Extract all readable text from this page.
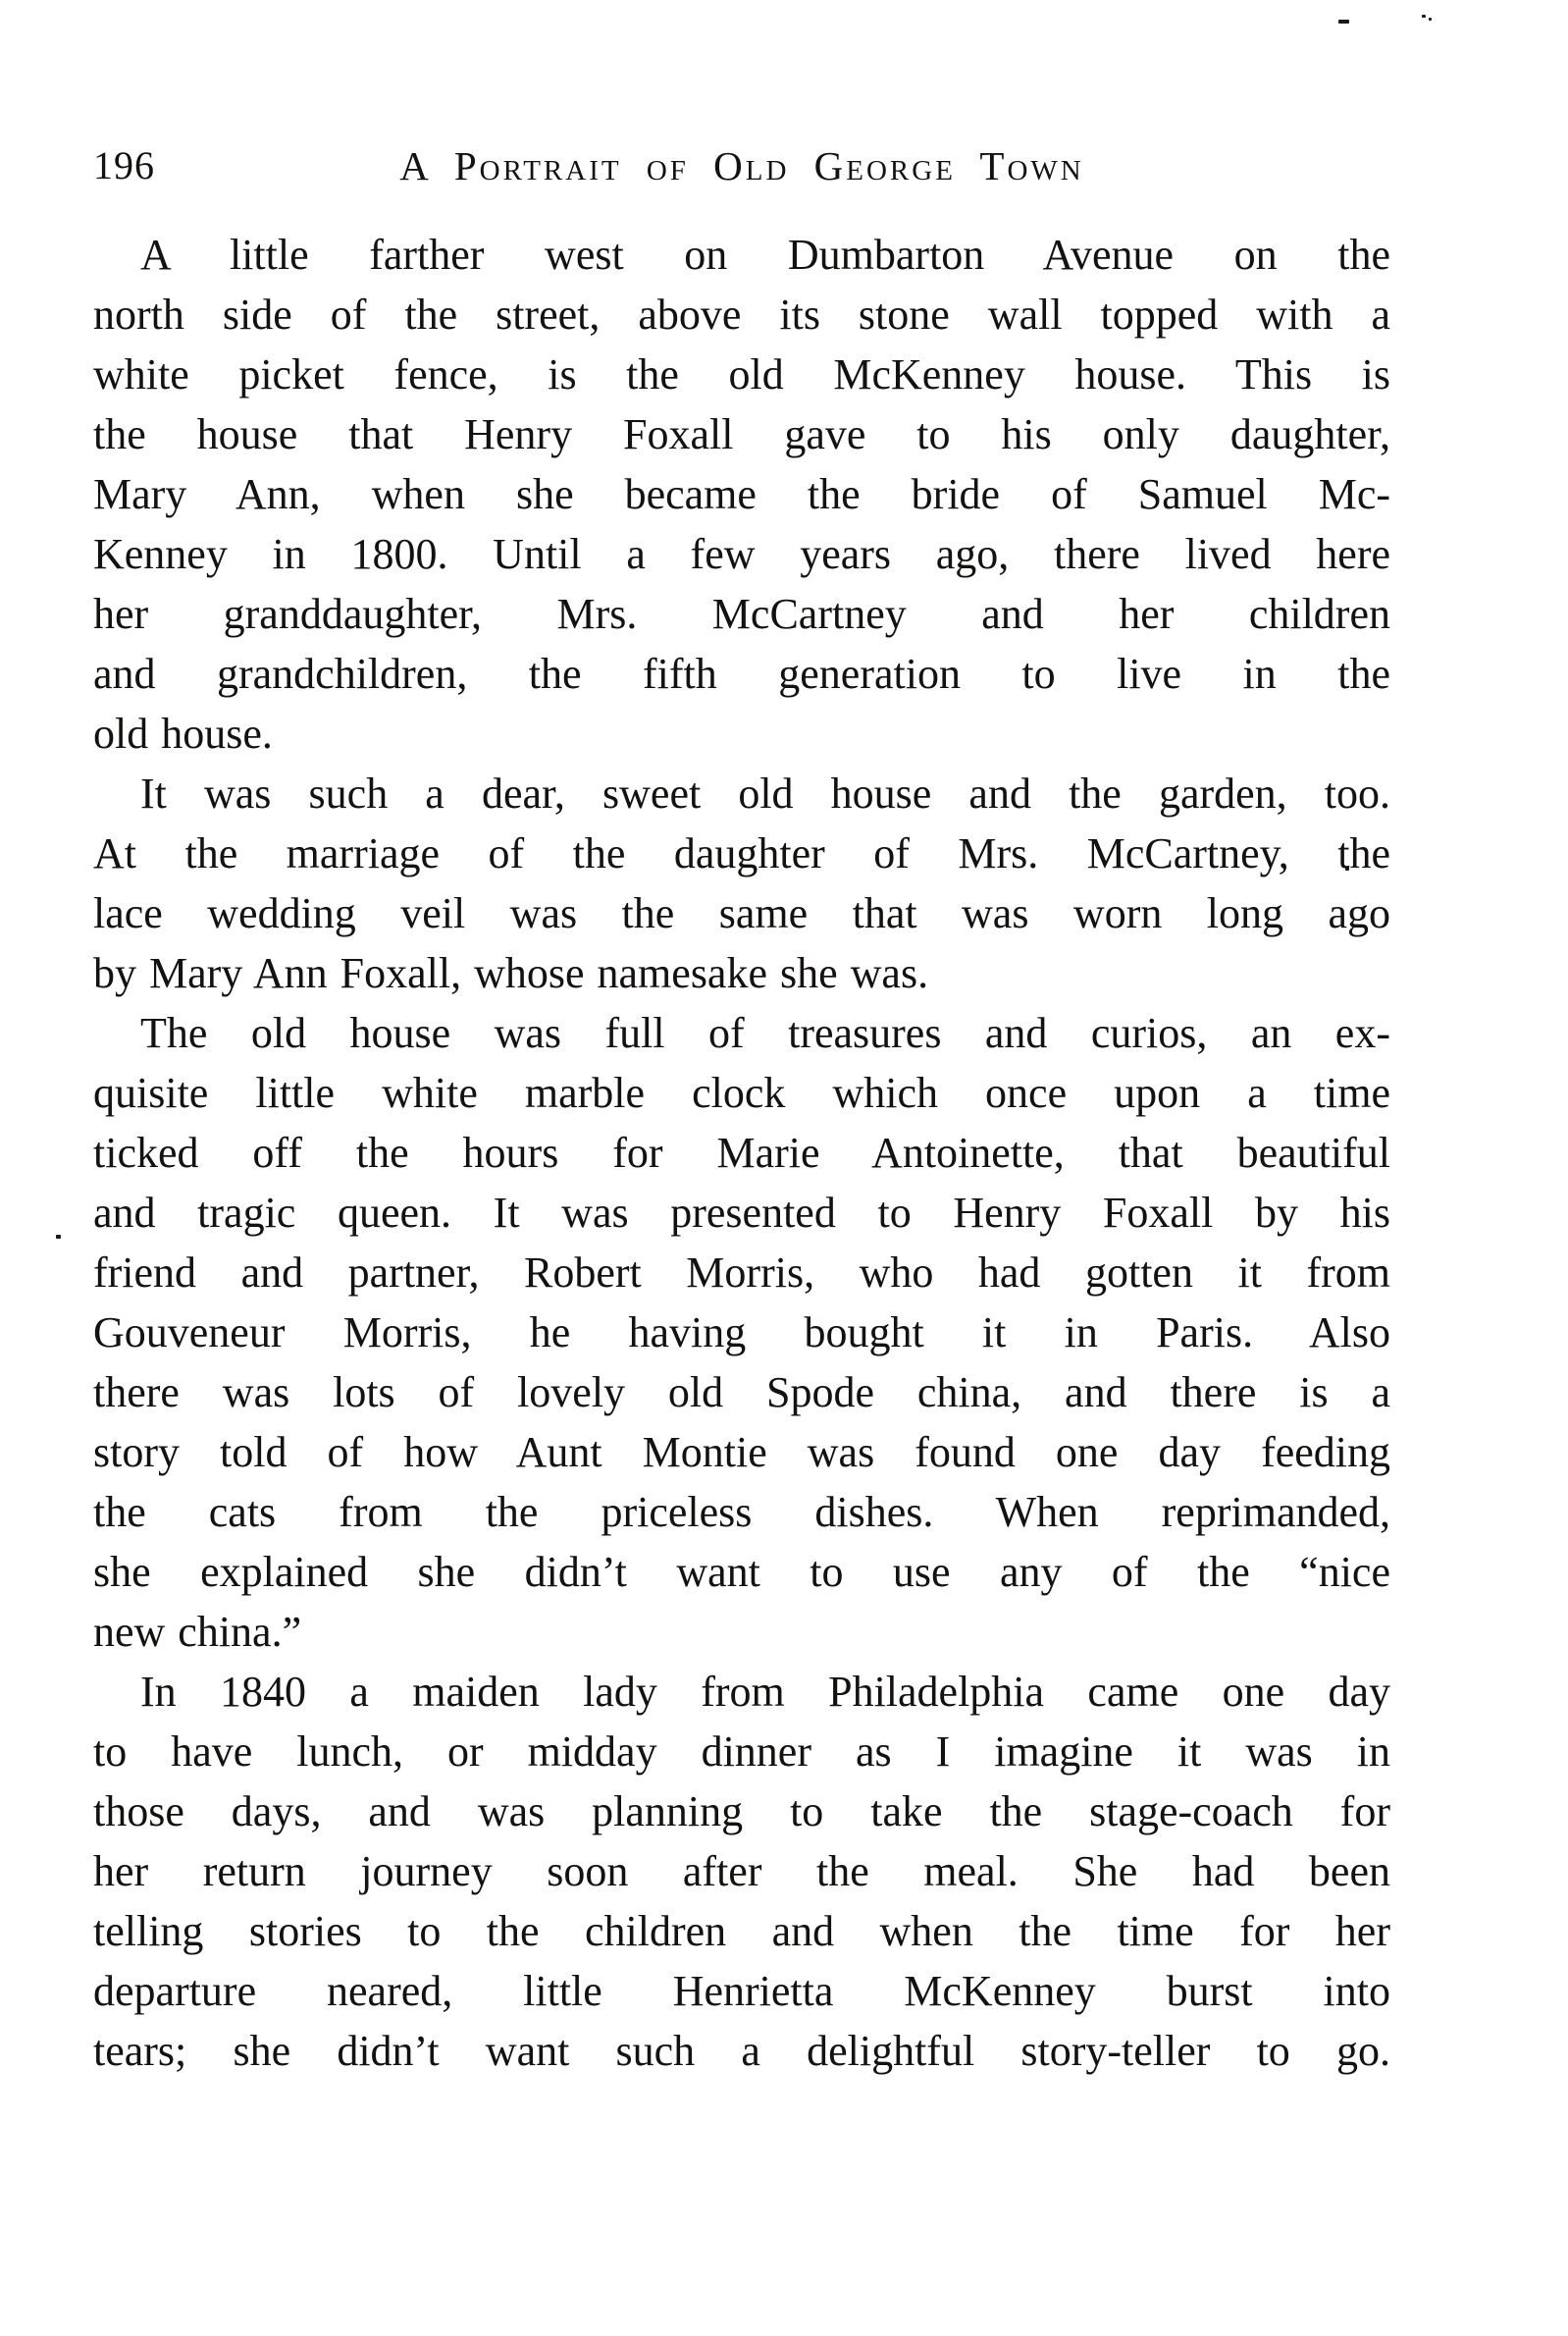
196	A Portrait of Old George Town
A little farther west on Dumbarton Avenue on the
north side of the street, above its stone wall topped with a
white picket fence, is the old McKenney house. This is
the house that Henry Foxall gave to his only daughter,
Mary Ann, when she became the bride of Samuel Mc-
Kenney in 1800. Until a few years ago, there lived here
her granddaughter, Mrs. McCartney and her children
and grandchildren, the fifth generation to live in the
old house.
It was such a dear, sweet old house and the garden, too.
At the marriage of the daughter of Mrs. McCartney, the
lace wedding veil was the same that was worn long ago
by Mary Ann Foxall, whose namesake she was.
The old house was full of treasures and curios, an ex-
quisite little white marble clock which once upon a time
ticked off the hours for Marie Antoinette, that beautiful
and tragic queen. It was presented to Henry Foxall by his
friend and partner, Robert Morris, who had gotten it from
Gouveneur Morris, he having bought it in Paris. Also
there was lots of lovely old Spode china, and there is a
story told of how Aunt Montie was found one day feeding
the cats from the priceless dishes. When reprimanded,
she explained she didn’t want to use any of the “nice
new china.”
In 1840 a maiden lady from Philadelphia came one day
to have lunch, or midday dinner as I imagine it was in
those days, and was planning to take the stage-coach for
her return journey soon after the meal. She had been
telling stories to the children and when the time for her
departure neared, little Henrietta McKenney burst into
tears; she didn’t want such a delightful story-teller to go.
